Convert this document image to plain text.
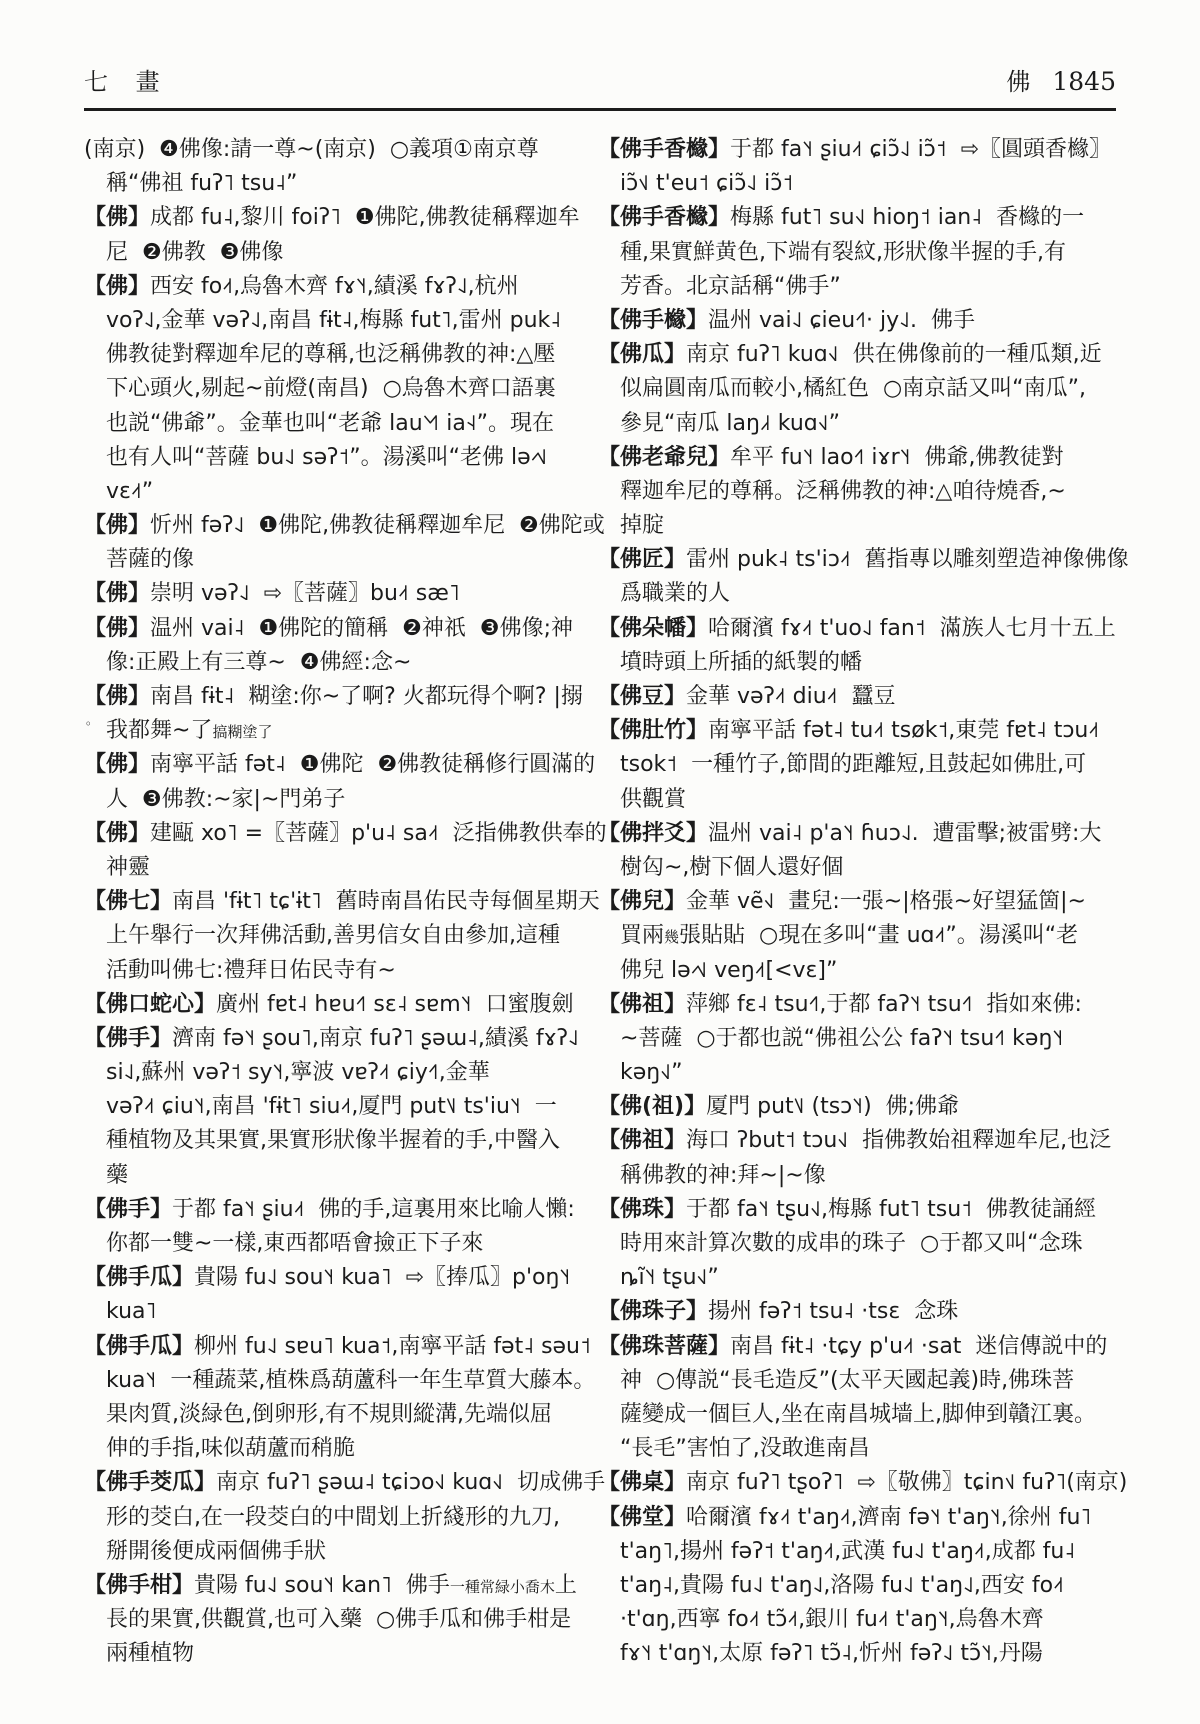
七 畫	佛 1845
(南京)  ❹佛像:請一尊~(南京)  ○義項①南京尊
稱“佛祖 fuʔ˥ tsu˨”
【佛】成都 fu˨,黎川 foiʔ˥  ❶佛陀,佛教徒稱釋迦牟
尼  ❷佛教  ❸佛像
【佛】西安 fo˨˦,烏魯木齊 fɤ˥˧,績溪 fɤʔ˨˩,杭州
voʔ˨˩,金華 vəʔ˨˩,南昌 fɨt˨,梅縣 fut˥,雷州 puk˨
佛教徒對釋迦牟尼的尊稱,也泛稱佛教的神:△壓
下心頭火,剔起~前燈(南昌)  ○烏魯木齊口語裏
也説“佛爺”。金華也叫“老爺 lau˥˧˥ ia˧˨”。現在
也有人叫“菩薩 bu˨˩ səʔ˦”。湯溪叫“老佛 lə˨˦˩
vɛ˨˦”
【佛】忻州 fəʔ˨˩  ❶佛陀,佛教徒稱釋迦牟尼  ❷佛陀或
菩薩的像
【佛】崇明 vəʔ˨˩  ⇨〖菩薩〗bu˨˦ sæ˥
【佛】温州 vai˨  ❶佛陀的簡稱  ❷神祇  ❸佛像;神
像:正殿上有三尊~  ❹佛經:念~
【佛】南昌 fɨt˨  糊塗:你~了啊? 火都玩得个啊? |搦
。 我都舞~了搞糊塗了
【佛】南寧平話 fət˨  ❶佛陀  ❷佛教徒稱修行圓滿的
人  ❸佛教:~家|~門弟子
【佛】建甌 xo˥ =〖菩薩〗p'u˨ sa˨˦  泛指佛教供奉的
神靈
【佛七】南昌 'fɨt˥ tɕ'ɨt˥  舊時南昌佑民寺每個星期天
上午舉行一次拜佛活動,善男信女自由參加,這種
活動叫佛七:禮拜日佑民寺有~
【佛口蛇心】廣州 fɐt˨ hɐu˧˥ sɛ˨ sɐm˥˧  口蜜腹劍
【佛手】濟南 fə˥˧ ʂou˥,南京 fuʔ˥ ʂəɯ˨,績溪 fɤʔ˨˩
si˨˩,蘇州 vəʔ˦ sy˥˧,寧波 vɐʔ˨˦ ɕiy˧˥,金華
vəʔ˨˦ ɕiu˥˧,南昌 'fɨt˥ siu˨˦,厦門 put˥˩ ts'iu˥˧  一
種植物及其果實,果實形狀像半握着的手,中醫入
藥
【佛手】于都 fa˥˧ ʂiu˨˦  佛的手,這裏用來比喻人懶:
你都一雙~一樣,東西都唔會撿正下子來
【佛手瓜】貴陽 fu˨˩ sou˥˧ kua˥  ⇨〖捧瓜〗p'oŋ˥˧
kua˥
【佛手瓜】柳州 fu˨˩ sɐu˥ kua˦,南寧平話 fət˨ səu˦
kua˥˧  一種蔬菜,植株爲葫蘆科一年生草質大藤本。
果肉質,淡緑色,倒卵形,有不規則縱溝,先端似屈
伸的手指,味似葫蘆而稍脆
【佛手茭瓜】南京 fuʔ˥ ʂəɯ˨ tɕiɔo˧˩ kuɑ˧˩  切成佛手
形的茭白,在一段茭白的中間划上折綫形的九刀,
掰開後便成兩個佛手狀
【佛手柑】貴陽 fu˨˩ sou˥˧ kan˥  佛手一種常緑小喬木上
長的果實,供觀賞,也可入藥  ○佛手瓜和佛手柑是
兩種植物
【佛手香櫞】于都 fa˥˧ ʂiu˨˦ ɕiɔ̃˨˩ iɔ̃˦  ⇨〖圓頭香櫞〗
iɔ̃˦˩ t'eu˦ ɕiɔ̃˨˩ iɔ̃˦
【佛手香櫞】梅縣 fut˥ su˧˩ hioŋ˦ ian˨  香櫞的一
種,果實鮮黄色,下端有裂紋,形狀像半握的手,有
芳香。北京話稱“佛手”
【佛手櫞】温州 vai˨˩ ɕieu˧˥· jy˨˩.  佛手
【佛瓜】南京 fuʔ˥ kuɑ˧˩  供在佛像前的一種瓜類,近
似扁圓南瓜而較小,橘紅色  ○南京話又叫“南瓜”,
參見“南瓜 laŋ˩˧ kuɑ˧˩”
【佛老爺兒】牟平 fu˥˧ lao˧˥ iɤr˥˧  佛爺,佛教徒對
釋迦牟尼的尊稱。泛稱佛教的神:△咱待燒香,~
掉腚
【佛匠】雷州 puk˨ ts'iɔ˨˦  舊指專以雕刻塑造神像佛像
爲職業的人
【佛朵幡】哈爾濱 fɤ˨˦ t'uo˨˩ fan˦  滿族人七月十五上
墳時頭上所插的紙製的幡
【佛豆】金華 vəʔ˨˦ diu˨˦  蠶豆
【佛肚竹】南寧平話 fət˨ tu˨˦ tsøk˦,東莞 fɐt˨ tɔu˨˦
tsok˦  一種竹子,節間的距離短,且鼓起如佛肚,可
供觀賞
【佛拌爻】温州 vai˨ p'a˥˧ ɦuɔ˨˩.  遭雷擊;被雷劈:大
樹匃~,樹下個人還好個
【佛兒】金華 vẽ˧˩  畫兒:一張~|格張~好望猛箇|~
買兩幾張貼貼  ○現在多叫“畫 uɑ˨˦”。湯溪叫“老
佛兒 lə˨˦˩ veŋ˨˦[<vɛ]”
【佛祖】萍鄉 fɛ˨ tsu˧˥,于都 faʔ˥˧ tsu˧˥  指如來佛:
~菩薩  ○于都也説“佛祖公公 faʔ˥˧ tsu˧˥ kəŋ˥˧
kəŋ˧˩”
【佛(祖)】厦門 put˥˩ (tsɔ˥˧)  佛;佛爺
【佛祖】海口 ʔbut˦ tɔu˧˩  指佛教始祖釋迦牟尼,也泛
稱佛教的神:拜~|~像
【佛珠】于都 fa˥˧ tʂu˧˩,梅縣 fut˥ tsu˦  佛教徒誦經
時用來計算次數的成串的珠子  ○于都又叫“念珠
ȵĩ˥˧ tʂu˧˩”
【佛珠子】揚州 fəʔ˦ tsu˨ ·tsɛ  念珠
【佛珠菩薩】南昌 fɨt˨ ·tɕy p'u˨˦ ·sat  迷信傳説中的
神  ○傳説“長毛造反”(太平天國起義)時,佛珠菩
薩變成一個巨人,坐在南昌城墙上,脚伸到贛江裏。
“長毛”害怕了,没敢進南昌
【佛桌】南京 fuʔ˥ tʂoʔ˥  ⇨〖敬佛〗tɕin˦˩ fuʔ˥(南京)
【佛堂】哈爾濱 fɤ˨˦ t'aŋ˨˦,濟南 fə˥˧ t'aŋ˥˧,徐州 fu˥
t'aŋ˥,揚州 fəʔ˦ t'aŋ˨˦,武漢 fu˨˩ t'aŋ˨˦,成都 fu˨
t'aŋ˨,貴陽 fu˨˩ t'aŋ˨˩,洛陽 fu˨˩ t'aŋ˨˩,西安 fo˨˦
·t'ɑŋ,西寧 fo˨˦ tɔ̃˨˦,銀川 fu˨˦ t'aŋ˥˧,烏魯木齊
fɤ˥˧ t'ɑŋ˥˧,太原 fəʔ˥ tɔ̃˨,忻州 fəʔ˨˩ tɔ̃˥˧,丹陽
